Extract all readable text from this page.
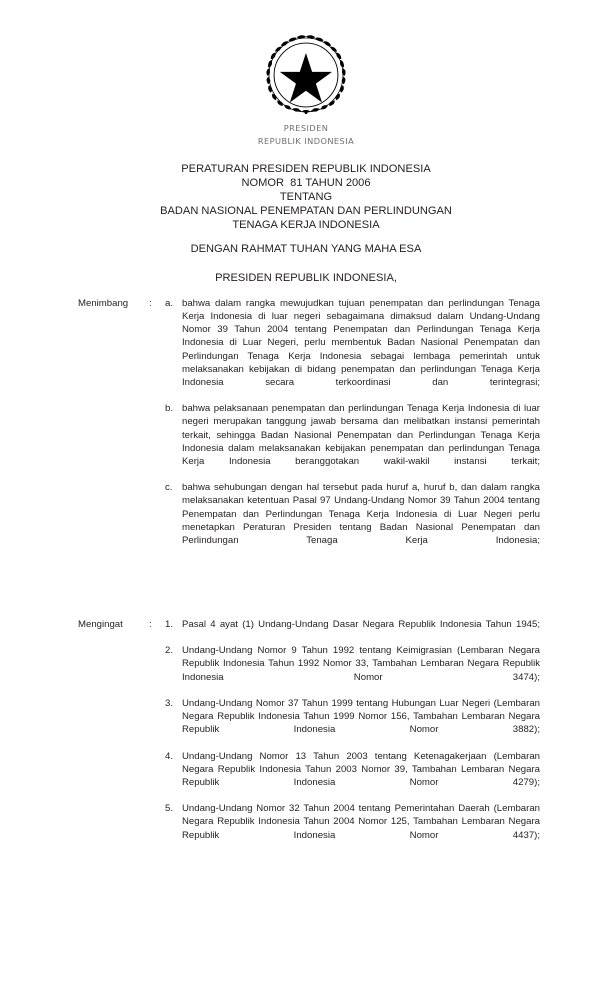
PRESIDEN
REPUBLIK INDONESIA
PERATURAN PRESIDEN REPUBLIK INDONESIA
NOMOR  81 TAHUN 2006
TENTANG
BADAN NASIONAL PENEMPATAN DAN PERLINDUNGAN
TENAGA KERJA INDONESIA
DENGAN RAHMAT TUHAN YANG MAHA ESA
PRESIDEN REPUBLIK INDONESIA,
Menimbang	:	a. bahwa dalam rangka mewujudkan tujuan penempatan dan perlindungan Tenaga Kerja Indonesia di luar negeri sebagaimana dimaksud dalam Undang-Undang Nomor 39 Tahun 2004 tentang Penempatan dan Perlindungan Tenaga Kerja Indonesia di Luar Negeri, perlu membentuk Badan Nasional Penempatan dan Perlindungan Tenaga Kerja Indonesia sebagai lembaga pemerintah untuk melaksanakan kebijakan di bidang penempatan dan perlindungan Tenaga Kerja Indonesia secara terkoordinasi dan terintegrasi;
b. bahwa pelaksanaan penempatan dan perlindungan Tenaga Kerja Indonesia di luar negeri merupakan tanggung jawab bersama dan melibatkan instansi pemerintah terkait, sehingga Badan Nasional Penempatan dan Perlindungan Tenaga Kerja Indonesia dalam melaksanakan kebijakan penempatan dan perlindungan Tenaga Kerja Indonesia beranggotakan wakil-wakil instansi terkait;
c. bahwa sehubungan dengan hal tersebut pada huruf a, huruf b, dan dalam rangka melaksanakan ketentuan Pasal 97 Undang-Undang Nomor 39 Tahun 2004 tentang Penempatan dan Perlindungan Tenaga Kerja Indonesia di Luar Negeri perlu menetapkan Peraturan Presiden tentang Badan Nasional Penempatan dan Perlindungan Tenaga Kerja Indonesia;
Mengingat	:	1. Pasal 4 ayat (1) Undang-Undang Dasar Negara Republik Indonesia Tahun 1945;
2. Undang-Undang Nomor 9 Tahun 1992 tentang Keimigrasian (Lembaran Negara Republik Indonesia Tahun 1992 Nomor 33, Tambahan Lembaran Negara Republik Indonesia Nomor 3474);
3. Undang-Undang Nomor 37 Tahun 1999 tentang Hubungan Luar Negeri (Lembaran Negara Republik Indonesia Tahun 1999 Nomor 156, Tambahan Lembaran Negara Republik Indonesia Nomor 3882);
4. Undang-Undang Nomor 13 Tahun 2003 tentang Ketenagakerjaan (Lembaran Negara Republik Indonesia Tahun 2003 Nomor 39, Tambahan Lembaran Negara Republik Indonesia Nomor 4279);
5. Undang-Undang Nomor 32 Tahun 2004 tentang Pemerintahan Daerah (Lembaran Negara Republik Indonesia Tahun 2004 Nomor 125, Tambahan Lembaran Negara Republik Indonesia Nomor 4437);
